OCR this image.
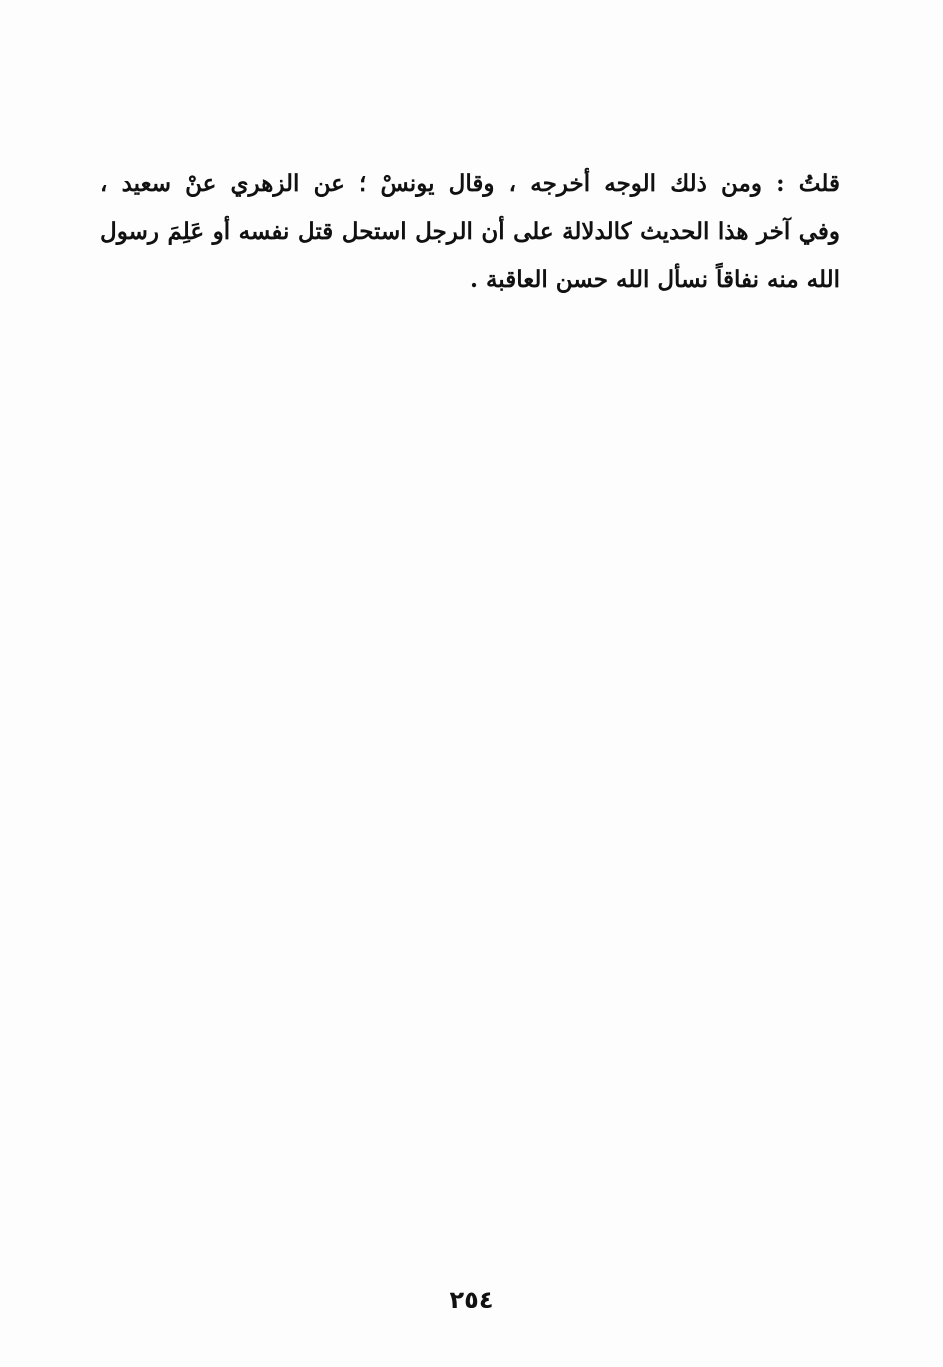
قلتُ : ومن ذلك الوجه أخرجه ، وقال يونسْ ؛ عن الزهري عنْ سعيد ،
وفي آخر هذا الحديث كالدلالة على أن الرجل استحل قتل نفسه أو عَلِمَ رسول
الله منه نفاقاً نسأل الله حسن العاقبة .
٢٥٤
